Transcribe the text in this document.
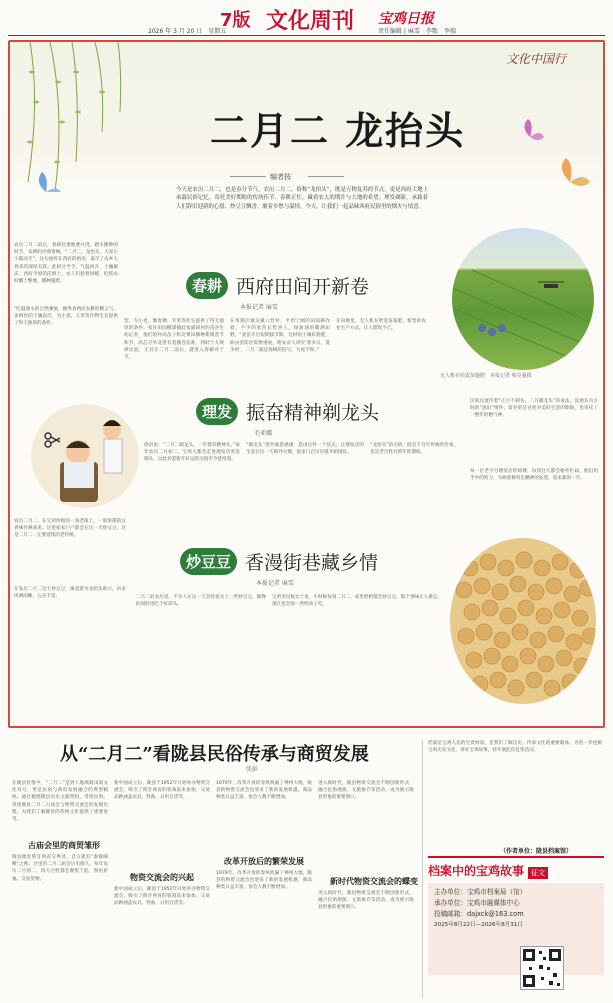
7版 文化周刊 宝鸡日报
2026 年 3 月 20 日　星期五	责任编辑 | 麻雪　李歌　李瑞
文化中国行
二月二 龙抬头
编者按
今天是农历二月二，也是春分节气。农历二月二，俗称“龙抬头”，既是万物复苏的节点，更是西府大地上承载民俗记忆、寄托美好期盼的传统佳节。春耕正忙，藏着农人的期许与大地的希望；理发剃新，承载着人们辞旧迎新的心愿；炒豆豆飘香，裹着乡愁与温情。今天，让我们一起品味西府民俗里的烟火与情意。
农历二月二前后，春耕比重地要并浇，踏水播种的时节，农耕的序曲奏响。“二月二，龙抬头，大家小小都动手”，这句流传在西府的俗语，道尽了农乡人春来的深厚关联。此时分当令，气温回升，土壤解冻，西府平原的沃野上，农人们趁着回暖，抢抓农时翻土整地，播种施肥。
“吃鼓颁水的自然乘驰，播秀青西府农耕的精义气，多耕作的土壤表层，为小麦、玉米等作物生长提供了得天独厚的条件。
春耕 西府田间开新卷
本报记者 麻雪
型，为小麦、藜麦稞、苹果等作生提供了得天独厚的条件。家住田园棚深插此家庭研村的苗谷生幼记者，他们的村高苗子机北菜田播种新模苗节和节，高芯卫外北里有装播卷苗准，到时宁大规律比较，尤其在二月二前后，就进入春耕对于节。
在凤翔区城关镇六营村，平坦宁阔的田间耕作着，不少的麦苗长势喜人，绿油油的铺满田野。“麦苗开出短期拔节期，这时的土壤好施肥，病虫害防治需要重视，咱农业人讲究‘春争日，夏争时’，二月二就是春耕的信号，马虎不得。”
在田地里，无人机在给麦苗施肥，新型的农业生产方式，让人愿收不已。
无人机在给麦苗施肥　本报记者 蔡克强摄
理发 振奋精神剃龙头
毛亚娜
俗语说：“二月二剃龙头，一年都有精神头。”每年农历二月初二，宝鸡人都会走进理发店剪发剃头，以此祈愿新年好运的习俗至今延续着。
“剃龙头”意外寓意满满，借由这样一个仪式，让理发店的生意在这一天格外火爆，很多门店早早就开始排队。
“龙抬头”的习俗，既是千百年传统的传承，也是老百姓对新年的期盼。
民间还流传着“正月不剃头，二月剃龙头”的说法，其源头为古时的“思旧”情怀，留存的是百姓对美好生活的期盼，也寄托了一整年的精气神。
每一位老字号理发店的师傅，每到这天都会格外忙碌，他们用手中的剪刀，为顾客修剪出精神的发型，迎来新的一年。
农历二月二，在宝鸡西街的一条老街上，一股浓郁的豆香味扑鼻而来。这里家家户户都会在这一天炒豆豆，这是二月二一定要延续的老传统。
在农历二月二这天炒豆豆，寓意着为龙抬头助兴，祈求风调雨顺、五谷丰登。
炒豆豆 香漫街巷藏乡情
本报记者 麻雪
二月二的农历里，不少人在这一天会特意买上一些炒豆豆，解馋的同时也吃个好彩头。
宝鸡市民杨女士说，小时候每到二月二，家里奶奶都会炒豆豆，那个香味让人难忘，现在也会炒一些给孩子吃。
从“二月二”看陇县民俗传承与商贸发展
张彭
在陇县民俗中，“二月二”是到人地域最田间文化符号，更是民俗与商贸发展融合的典型载体。通过梳理陇县历史文献资料，考察民俗，讲述陇县二月二古庙会与物资交流会的发展历程，为我们了解陇县的传统文化提供了重要参考。
古庙会里的商贸雏形
陇县地处陕甘两省交界处，自古就有“秦陇咽喉”之称。这里的二月二庙会历史悠久，每年农历二月初二，四方百姓都会聚集于此，祭祀祈福，交易货物。
新中国成立后，陇县于1952年开始举办物资交流会，吸引了陕甘两省的客商前来参加，交易品种涵盖农具、牲畜、日用百货等。
物资交流会的兴起
新中国成立后，陇县于1952年开始举办物资交流会，吸引了陕甘两省的客商前来参加，交易品种涵盖农具、牲畜、日用百货等。
1979年，改革开放的春风吹遍了神州大地，陇县的物资交流会也迎来了新的发展机遇，商品种类日益丰富，参会人数不断增加。
改革开放后的繁荣发展
1979年，改革开放的春风吹遍了神州大地，陇县的物资交流会也迎来了新的发展机遇，商品种类日益丰富，参会人数不断增加。
进入新时代，陇县物资交流会不断创新形式，融合民俗展演、文旅推介等活动，成为展示陇县形象的重要窗口。
新时代物资交流会的蝶变
进入新时代，陇县物资交流会不断创新形式，融合民俗展演、文旅推介等活动，成为展示陇县形象的重要窗口。
档案是宝鸡人民的宝贵财富，是我们了解历史、传承文化的重要载体。为进一步挖掘宝鸡历史文化，讲好宝鸡故事，特开展此次征集活动。
（作者单位：陇县档案馆）
档案中的宝鸡故事	征文
主办单位：宝鸡市档案局（馆）
承办单位：宝鸡市融媒体中心
投稿邮箱：dajxck@163.com
2025年8月22日—2026年8月31日
